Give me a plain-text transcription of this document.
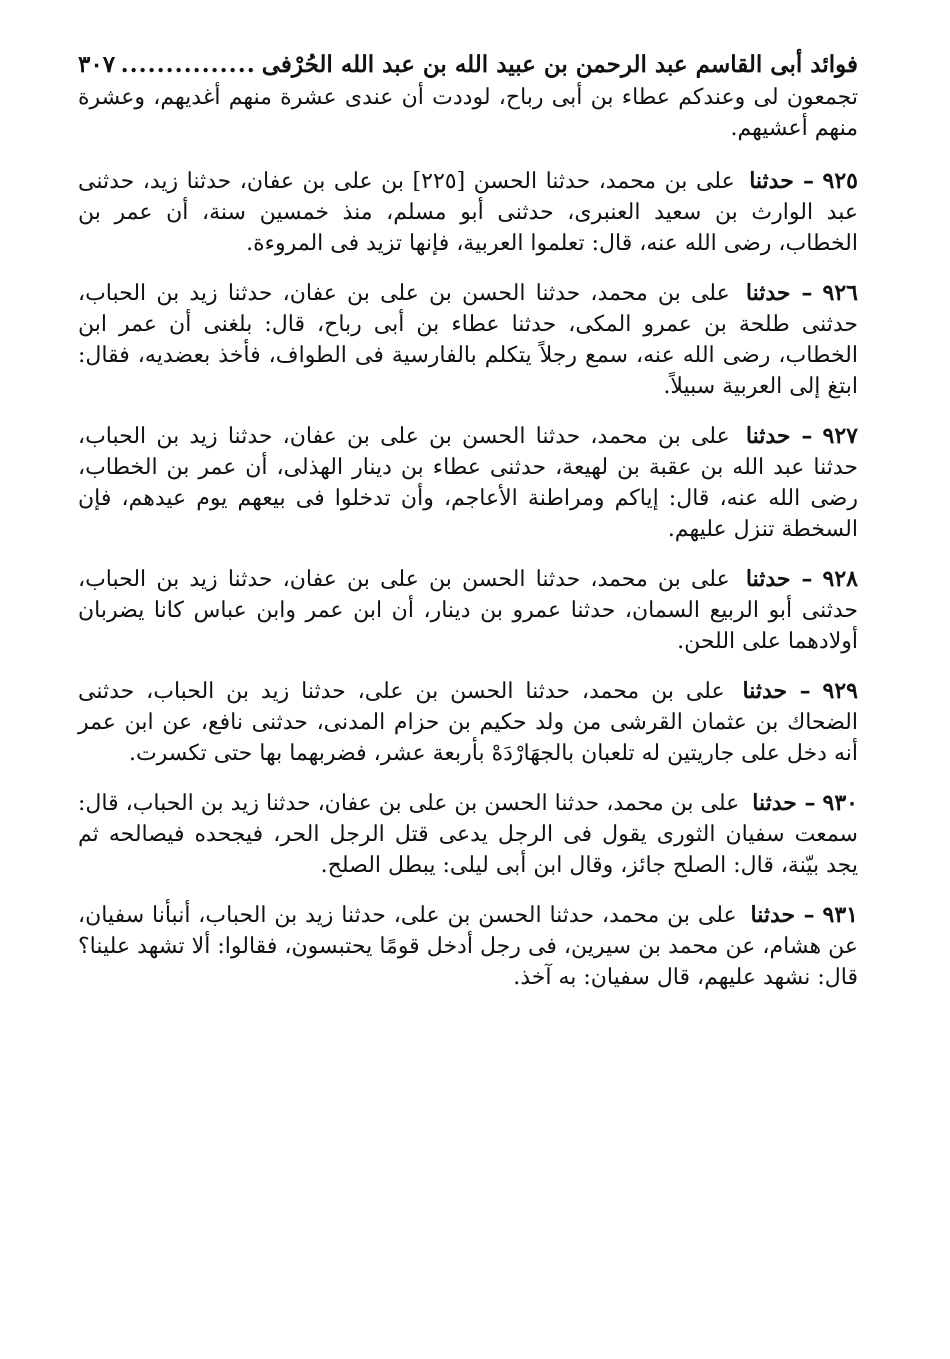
فوائد أبى القاسم عبد الرحمن بن عبيد الله بن عبد الله الحُرْفى
...............
٣٠٧

تجمعون لى وعندكم عطاء بن أبى رباح، لوددت أن عندى عشرة منهم أغديهم، وعشرة منهم أعشيهم.

٩٢٥ – حدثنا على بن محمد، حدثنا الحسن [٢٢٥] بن على بن عفان، حدثنا زيد، حدثنى عبد الوارث بن سعيد العنبرى، حدثنى أبو مسلم، منذ خمسين سنة، أن عمر بن الخطاب، رضى الله عنه، قال: تعلموا العربية، فإنها تزيد فى المروءة.

٩٢٦ – حدثنا على بن محمد، حدثنا الحسن بن على بن عفان، حدثنا زيد بن الحباب، حدثنى طلحة بن عمرو المكى، حدثنا عطاء بن أبى رباح، قال: بلغنى أن عمر ابن الخطاب، رضى الله عنه، سمع رجلاً يتكلم بالفارسية فى الطواف، فأخذ بعضديه، فقال: ابتغ إلى العربية سبيلاً.

٩٢٧ – حدثنا على بن محمد، حدثنا الحسن بن على بن عفان، حدثنا زيد بن الحباب، حدثنا عبد الله بن عقبة بن لهيعة، حدثنى عطاء بن دينار الهذلى، أن عمر بن الخطاب، رضى الله عنه، قال: إياكم ومراطنة الأعاجم، وأن تدخلوا فى بيعهم يوم عيدهم، فإن السخطة تنزل عليهم.

٩٢٨ – حدثنا على بن محمد، حدثنا الحسن بن على بن عفان، حدثنا زيد بن الحباب، حدثنى أبو الربيع السمان، حدثنا عمرو بن دينار، أن ابن عمر وابن عباس كانا يضربان أولادهما على اللحن.

٩٢٩ – حدثنا على بن محمد، حدثنا الحسن بن على، حدثنا زيد بن الحباب، حدثنى الضحاك بن عثمان القرشى من ولد حكيم بن حزام المدنى، حدثنى نافع، عن ابن عمر أنه دخل على جاريتين له تلعبان بالجهَارْدَهْ بأربعة عشر، فضربهما بها حتى تكسرت.

٩٣٠ – حدثنا على بن محمد، حدثنا الحسن بن على بن عفان، حدثنا زيد بن الحباب، قال: سمعت سفيان الثورى يقول فى الرجل يدعى قتل الرجل الحر، فيجحده فيصالحه ثم يجد بيّنة، قال: الصلح جائز، وقال ابن أبى ليلى: يبطل الصلح.

٩٣١ – حدثنا على بن محمد، حدثنا الحسن بن على، حدثنا زيد بن الحباب، أنبأنا سفيان، عن هشام، عن محمد بن سيرين، فى رجل أدخل قومًا يحتبسون، فقالوا: ألا تشهد علينا؟ قال: نشهد عليهم، قال سفيان: به آخذ.
